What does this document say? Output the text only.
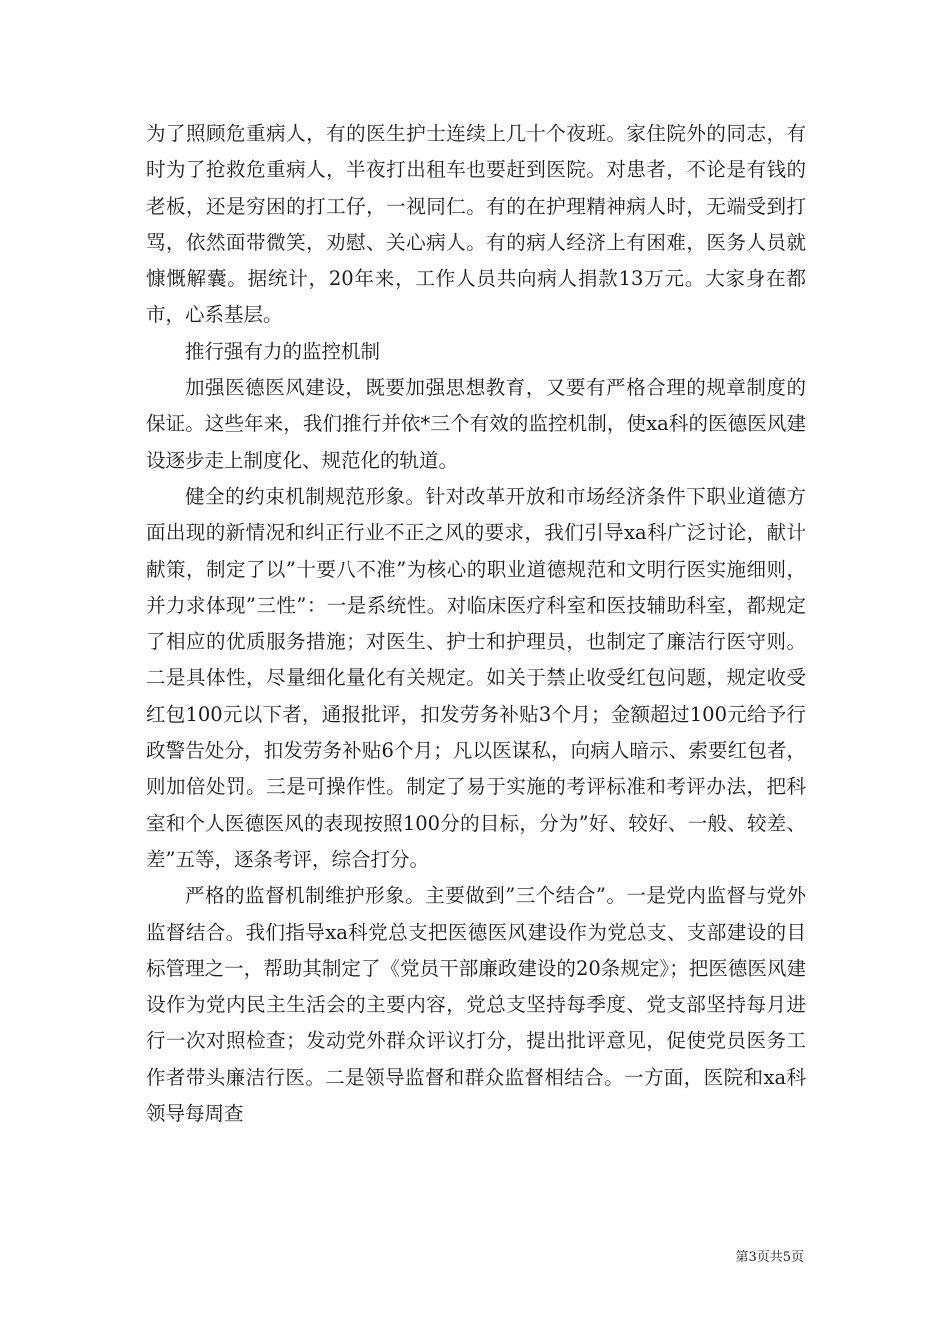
为了照顾危重病人，有的医生护士连续上几十个夜班。家住院外的同志，有时为了抢救危重病人，半夜打出租车也要赶到医院。对患者，不论是有钱的老板，还是穷困的打工仔，一视同仁。有的在护理精神病人时，无端受到打骂，依然面带微笑，劝慰、关心病人。有的病人经济上有困难，医务人员就慷慨解囊。据统计，20年来，工作人员共向病人捐款13万元。大家身在都市，心系基层。

推行强有力的监控机制

加强医德医风建设，既要加强思想教育，又要有严格合理的规章制度的保证。这些年来，我们推行并依*三个有效的监控机制，使xa科的医德医风建设逐步走上制度化、规范化的轨道。

健全的约束机制规范形象。针对改革开放和市场经济条件下职业道德方面出现的新情况和纠正行业不正之风的要求，我们引导xa科广泛讨论，献计献策，制定了以”十要八不准”为核心的职业道德规范和文明行医实施细则，并力求体现”三性”：一是系统性。对临床医疗科室和医技辅助科室，都规定了相应的优质服务措施；对医生、护士和护理员，也制定了廉洁行医守则。二是具体性，尽量细化量化有关规定。如关于禁止收受红包问题，规定收受红包100元以下者，通报批评，扣发劳务补贴3个月；金额超过100元给予行政警告处分，扣发劳务补贴6个月；凡以医谋私，向病人暗示、索要红包者，则加倍处罚。三是可操作性。制定了易于实施的考评标准和考评办法，把科室和个人医德医风的表现按照100分的目标，分为”好、较好、一般、较差、差”五等，逐条考评，综合打分。

严格的监督机制维护形象。主要做到”三个结合”。一是党内监督与党外监督结合。我们指导xa科党总支把医德医风建设作为党总支、支部建设的目标管理之一，帮助其制定了《党员干部廉政建设的20条规定》；把医德医风建设作为党内民主生活会的主要内容，党总支坚持每季度、党支部坚持每月进行一次对照检查；发动党外群众评议打分，提出批评意见，促使党员医务工作者带头廉洁行医。二是领导监督和群众监督相结合。一方面，医院和xa科领导每周查

第3页共5页
